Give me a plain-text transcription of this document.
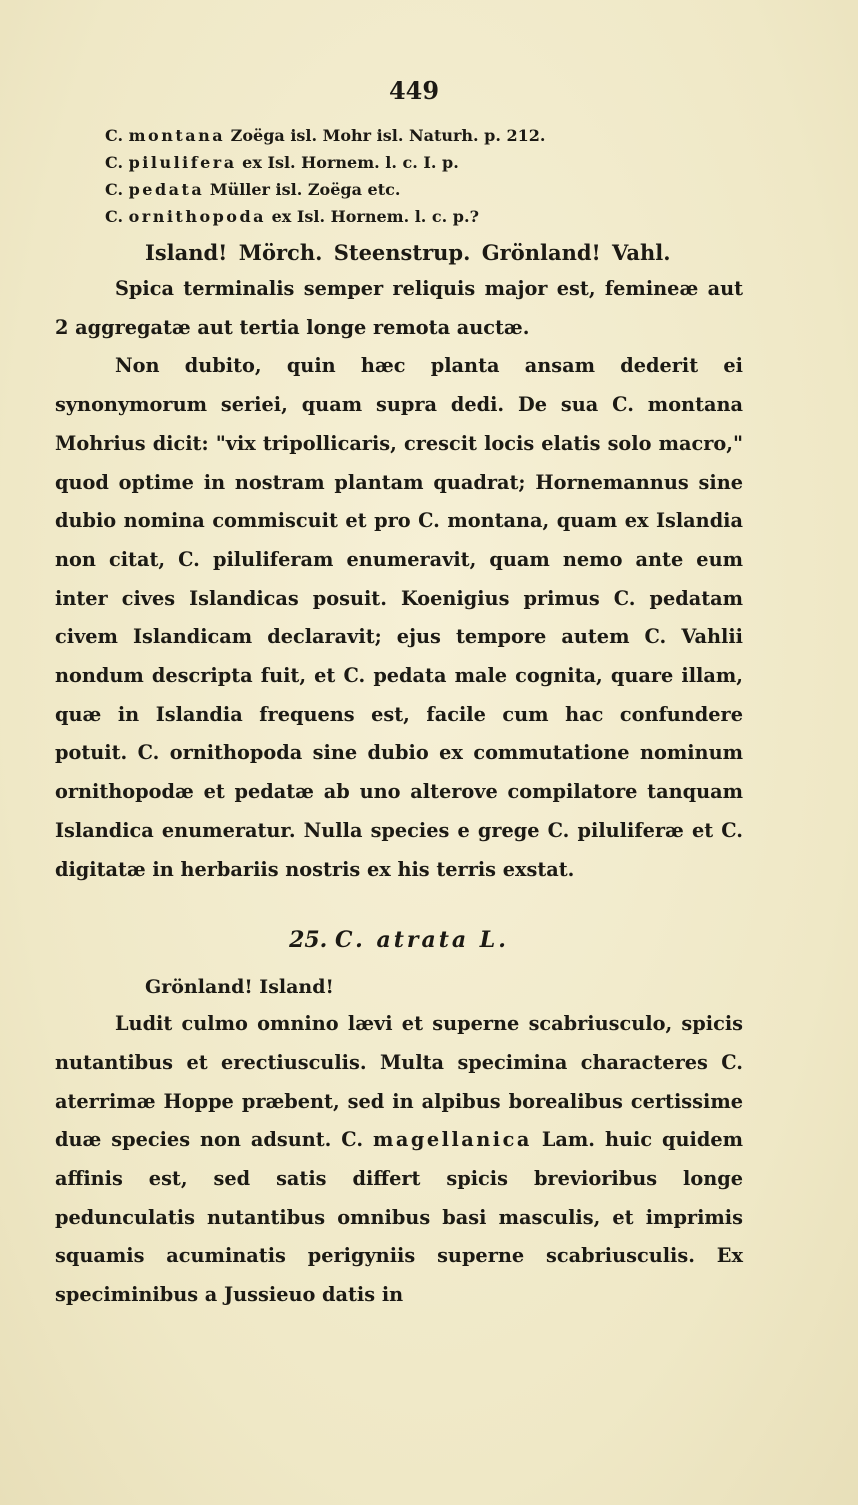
449
C. montana Zoëga isl. Mohr isl. Naturh. p. 212.
C. pilulifera ex Isl. Hornem. l. c. I. p.
C. pedata Müller isl. Zoëga etc.
C. ornithopoda ex Isl. Hornem. l. c. p.?
Island! Mörch. Steenstrup. Grönland! Vahl.

Spica terminalis semper reliquis major est, femineæ aut 2 aggregatæ aut tertia longe remota auctæ.

Non dubito, quin hæc planta ansam dederit ei synonymorum seriei, quam supra dedi. De sua C. montana Mohrius dicit: "vix tripollicaris, crescit locis elatis solo macro," quod optime in nostram plantam quadrat; Hornemannus sine dubio nomina commiscuit et pro C. montana, quam ex Islandia non citat, C. piluliferam enumeravit, quam nemo ante eum inter cives Islandicas posuit. Koenigius primus C. pedatam civem Islandicam declaravit; ejus tempore autem C. Vahlii nondum descripta fuit, et C. pedata male cognita, quare illam, quæ in Islandia frequens est, facile cum hac confundere potuit. C. ornithopoda sine dubio ex commutatione nominum ornithopodæ et pedatæ ab uno alterove compilatore tanquam Islandica enumeratur. Nulla species e grege C. piluliferæ et C. digitatæ in herbariis nostris ex his terris exstat.

25. C. atrata L.
Grönland! Island!

Ludit culmo omnino lævi et superne scabriusculo, spicis nutantibus et erectiusculis. Multa specimina characteres C. aterrimæ Hoppe præbent, sed in alpibus borealibus certissime duæ species non adsunt. C. magellanica Lam. huic quidem affinis est, sed satis differt spicis brevioribus longe pedunculatis nutantibus omnibus basi masculis, et imprimis squamis acuminatis perigyniis superne scabriusculis. Ex speciminibus a Jussieuo datis in
